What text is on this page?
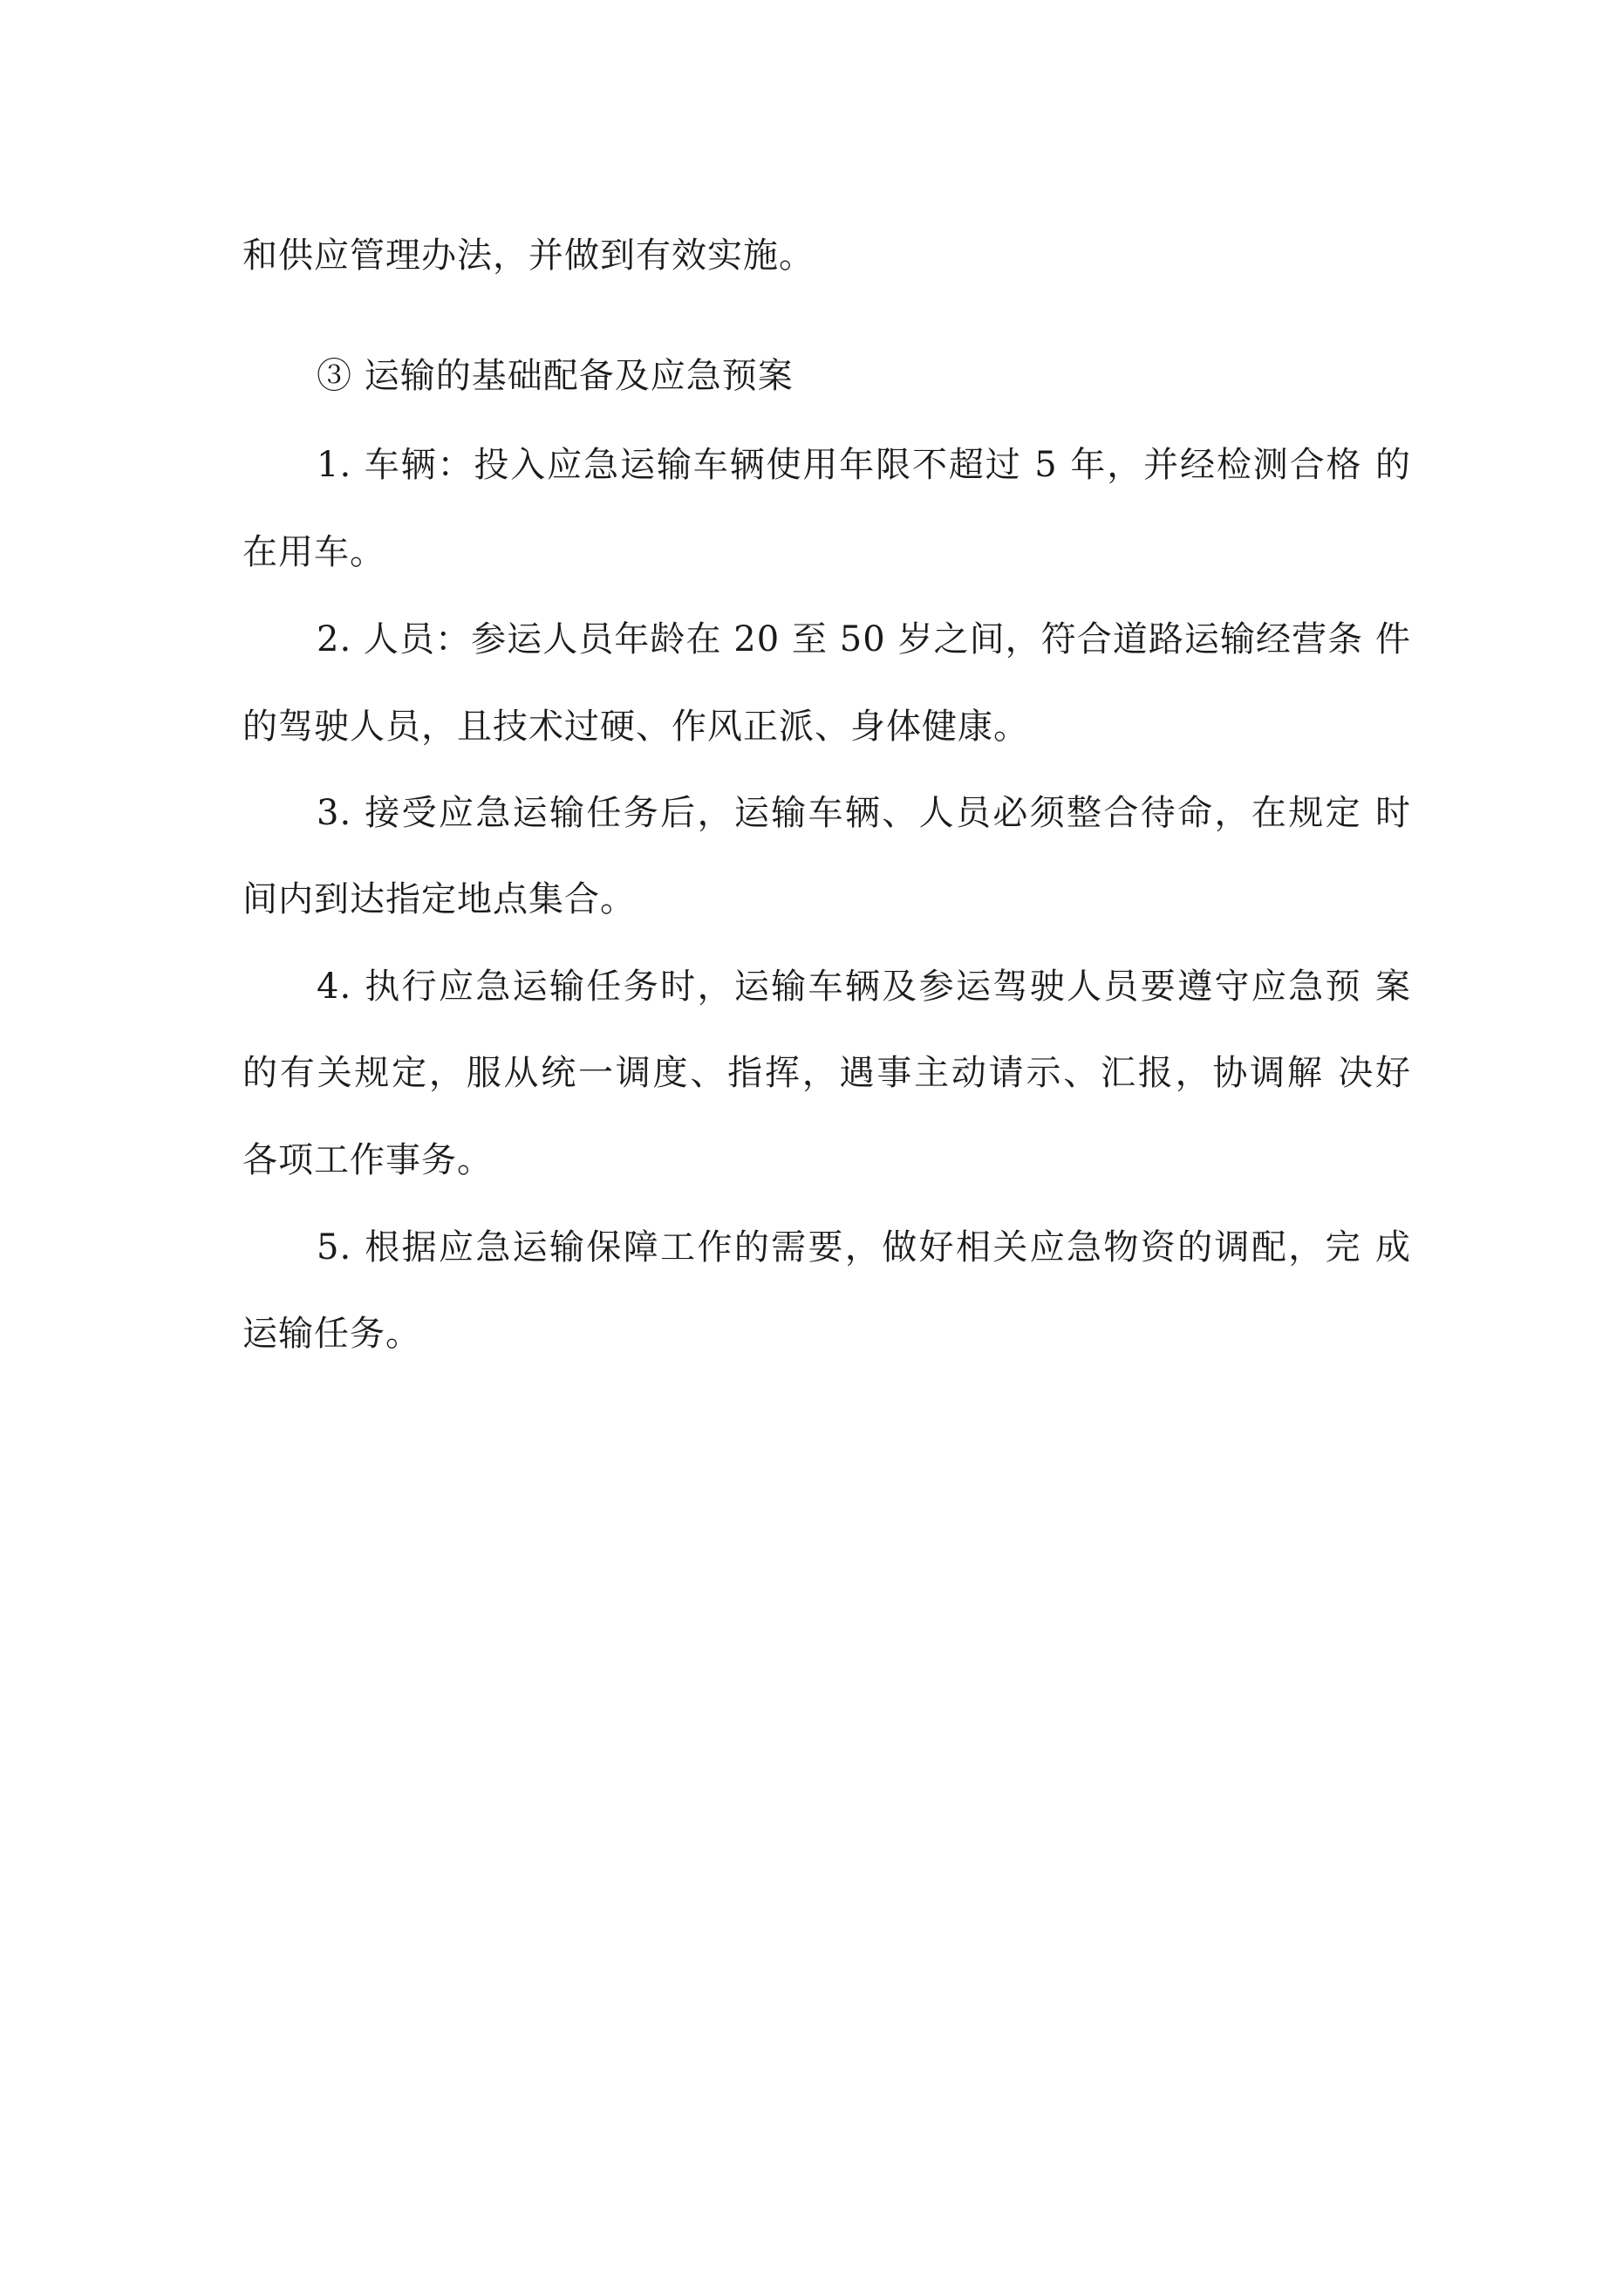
和供应管理办法，并做到有效实施。

③ 运输的基础配备及应急预案

1. 车辆：投入应急运输车辆使用年限不超过 5 年，并经检测合格 的

在用车。

2. 人员：参运人员年龄在 20 至 50 岁之间，符合道路运输经营条 件

的驾驶人员，且技术过硬、作风正派、身体健康。

3. 接受应急运输任务后，运输车辆、人员必须整合待命，在规定 时

间内到达指定地点集合。

4. 执行应急运输任务时，运输车辆及参运驾驶人员要遵守应急预 案

的有关规定，服从统一调度、指挥，遇事主动请示、汇报，协调解 决好

各项工作事务。

5. 根据应急运输保障工作的需要，做好相关应急物资的调配，完 成

运输任务。
